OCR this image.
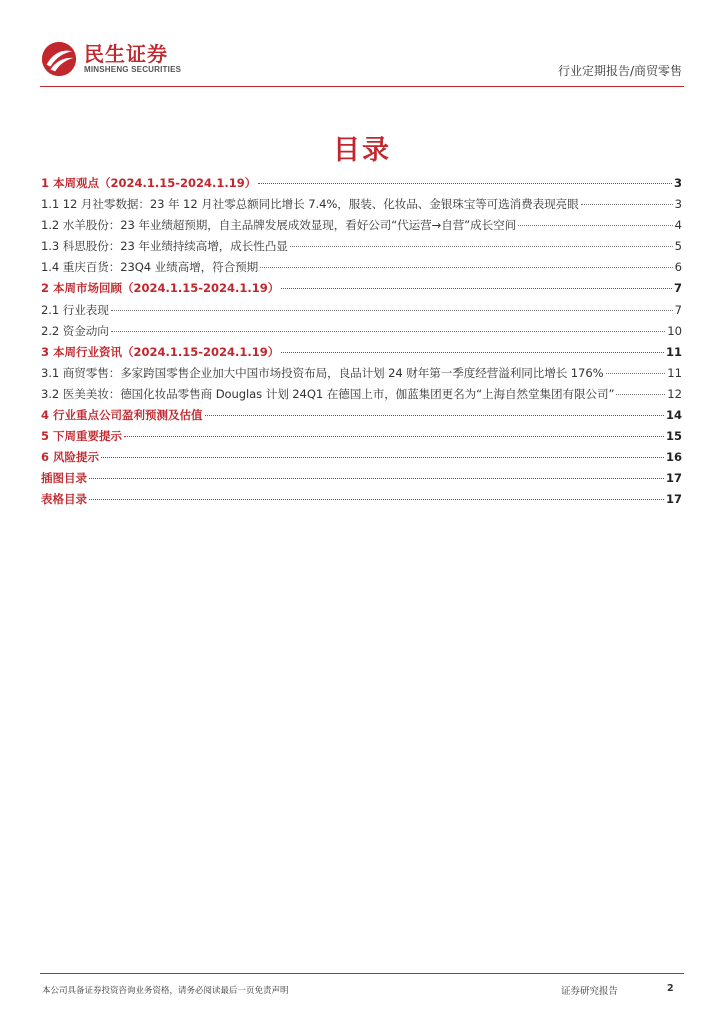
民生证券
MINSHENG SECURITIES	行业定期报告/商贸零售
目录
1 本周观点（2024.1.15-2024.1.19）	3
1.1 12 月社零数据：23 年 12 月社零总额同比增长 7.4%，服装、化妆品、金银珠宝等可选消费表现亮眼	3
1.2 水羊股份：23 年业绩超预期，自主品牌发展成效显现，看好公司“代运营→自营”成长空间	4
1.3 科思股份：23 年业绩持续高增，成长性凸显	5
1.4 重庆百货：23Q4 业绩高增，符合预期	6
2 本周市场回顾（2024.1.15-2024.1.19）	7
2.1 行业表现	7
2.2 资金动向	10
3 本周行业资讯（2024.1.15-2024.1.19）	11
3.1 商贸零售：多家跨国零售企业加大中国市场投资布局，良品计划 24 财年第一季度经营溢利同比增长 176%	11
3.2 医美美妆：德国化妆品零售商 Douglas 计划 24Q1 在德国上市，伽蓝集团更名为“上海自然堂集团有限公司”	12
4 行业重点公司盈利预测及估值	14
5 下周重要提示	15
6 风险提示	16
插图目录	17
表格目录	17
本公司具备证券投资咨询业务资格，请务必阅读最后一页免责声明	证券研究报告	2
